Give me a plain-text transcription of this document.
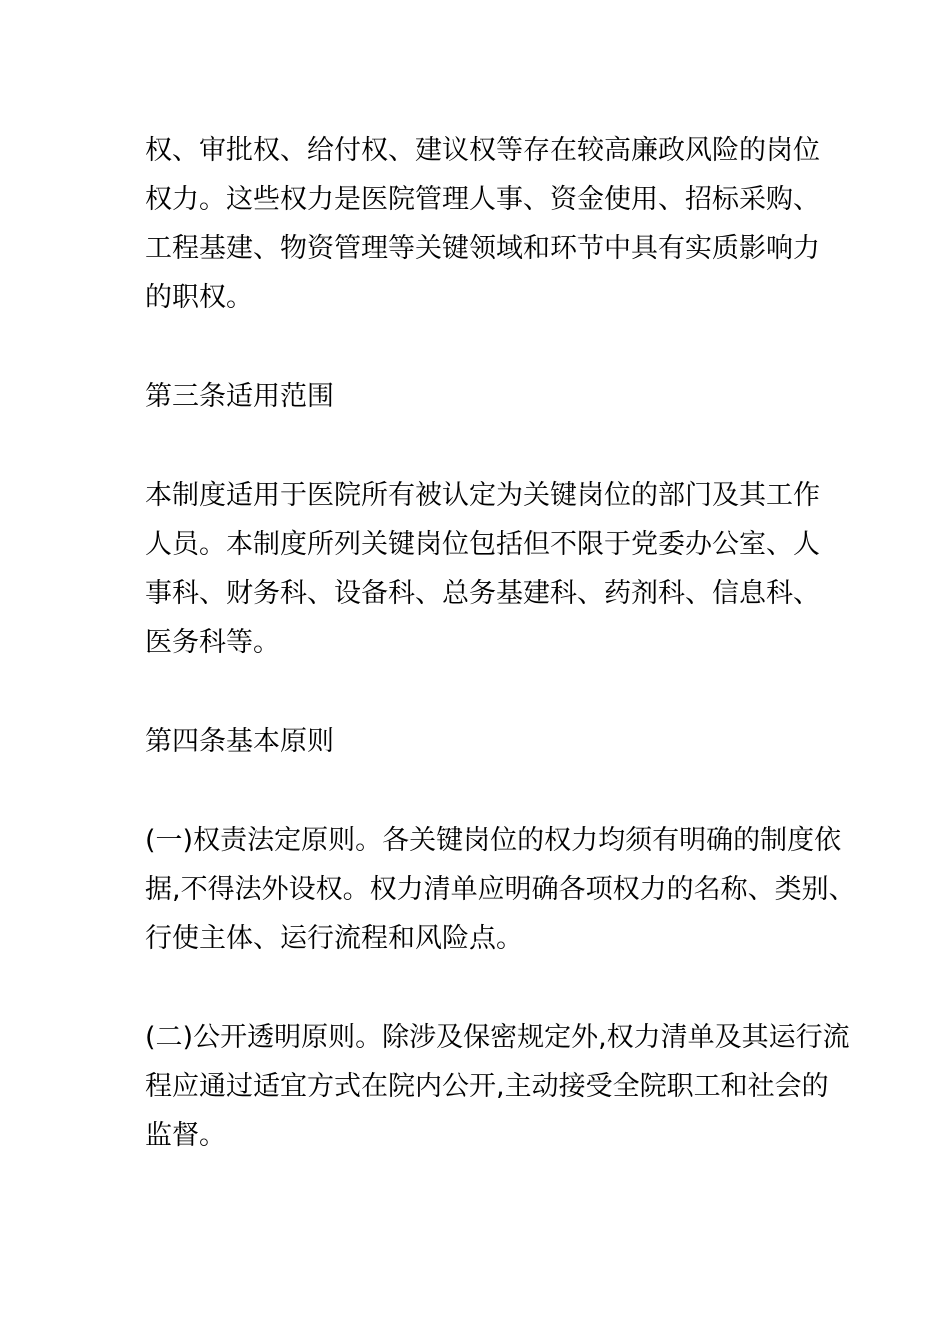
权、审批权、给付权、建议权等存在较高廉政风险的岗位
权力。这些权力是医院管理人事、资金使用、招标采购、
工程基建、物资管理等关键领域和环节中具有实质影响力
的职权。
第三条适用范围
本制度适用于医院所有被认定为关键岗位的部门及其工作
人员。本制度所列关键岗位包括但不限于党委办公室、人
事科、财务科、设备科、总务基建科、药剂科、信息科、
医务科等。
第四条基本原则
(一)权责法定原则。各关键岗位的权力均须有明确的制度依
据,不得法外设权。权力清单应明确各项权力的名称、类别、
行使主体、运行流程和风险点。
(二)公开透明原则。除涉及保密规定外,权力清单及其运行流
程应通过适宜方式在院内公开,主动接受全院职工和社会的
监督。
